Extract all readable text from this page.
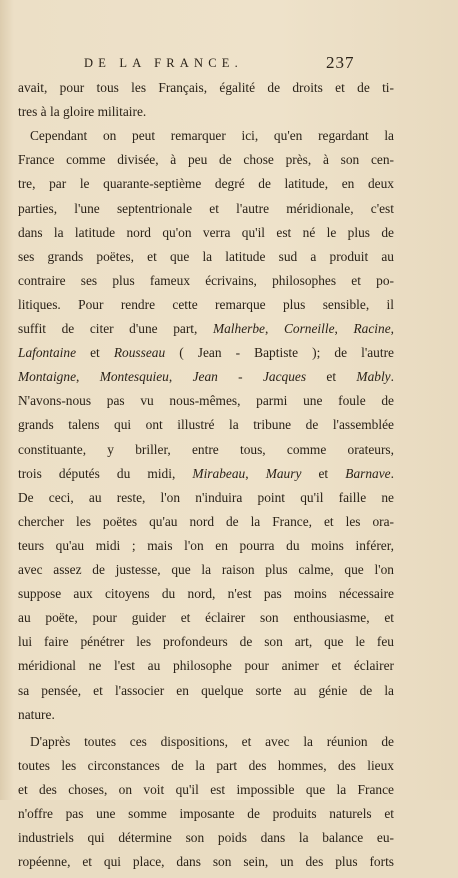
DE LA FRANCE.	237
avait, pour tous les Français, égalité de droits et de ti-
tres à la gloire militaire.
Cependant on peut remarquer ici, qu'en regardant la
France comme divisée, à peu de chose près, à son cen-
tre, par le quarante-septième degré de latitude, en deux
parties, l'une septentrionale et l'autre méridionale, c'est
dans la latitude nord qu'on verra qu'il est né le plus de
ses grands poëtes, et que la latitude sud a produit au
contraire ses plus fameux écrivains, philosophes et po-
litiques. Pour rendre cette remarque plus sensible, il
suffit de citer d'une part, Malherbe, Corneille, Racine,
Lafontaine et Rousseau ( Jean - Baptiste ); de l'autre
Montaigne, Montesquieu, Jean - Jacques et Mably.
N'avons-nous pas vu nous-mêmes, parmi une foule de
grands talens qui ont illustré la tribune de l'assemblée
constituante, y briller, entre tous, comme orateurs,
trois députés du midi, Mirabeau, Maury et Barnave.
De ceci, au reste, l'on n'induira point qu'il faille ne
chercher les poëtes qu'au nord de la France, et les ora-
teurs qu'au midi ; mais l'on en pourra du moins inférer,
avec assez de justesse, que la raison plus calme, que l'on
suppose aux citoyens du nord, n'est pas moins nécessaire
au poëte, pour guider et éclairer son enthousiasme, et
lui faire pénétrer les profondeurs de son art, que le feu
méridional ne l'est au philosophe pour animer et éclairer
sa pensée, et l'associer en quelque sorte au génie de la
nature.
D'après toutes ces dispositions, et avec la réunion de
toutes les circonstances de la part des hommes, des lieux
et des choses, on voit qu'il est impossible que la France
n'offre pas une somme imposante de produits naturels et
industriels qui détermine son poids dans la balance eu-
ropéenne, et qui place, dans son sein, un des plus forts
